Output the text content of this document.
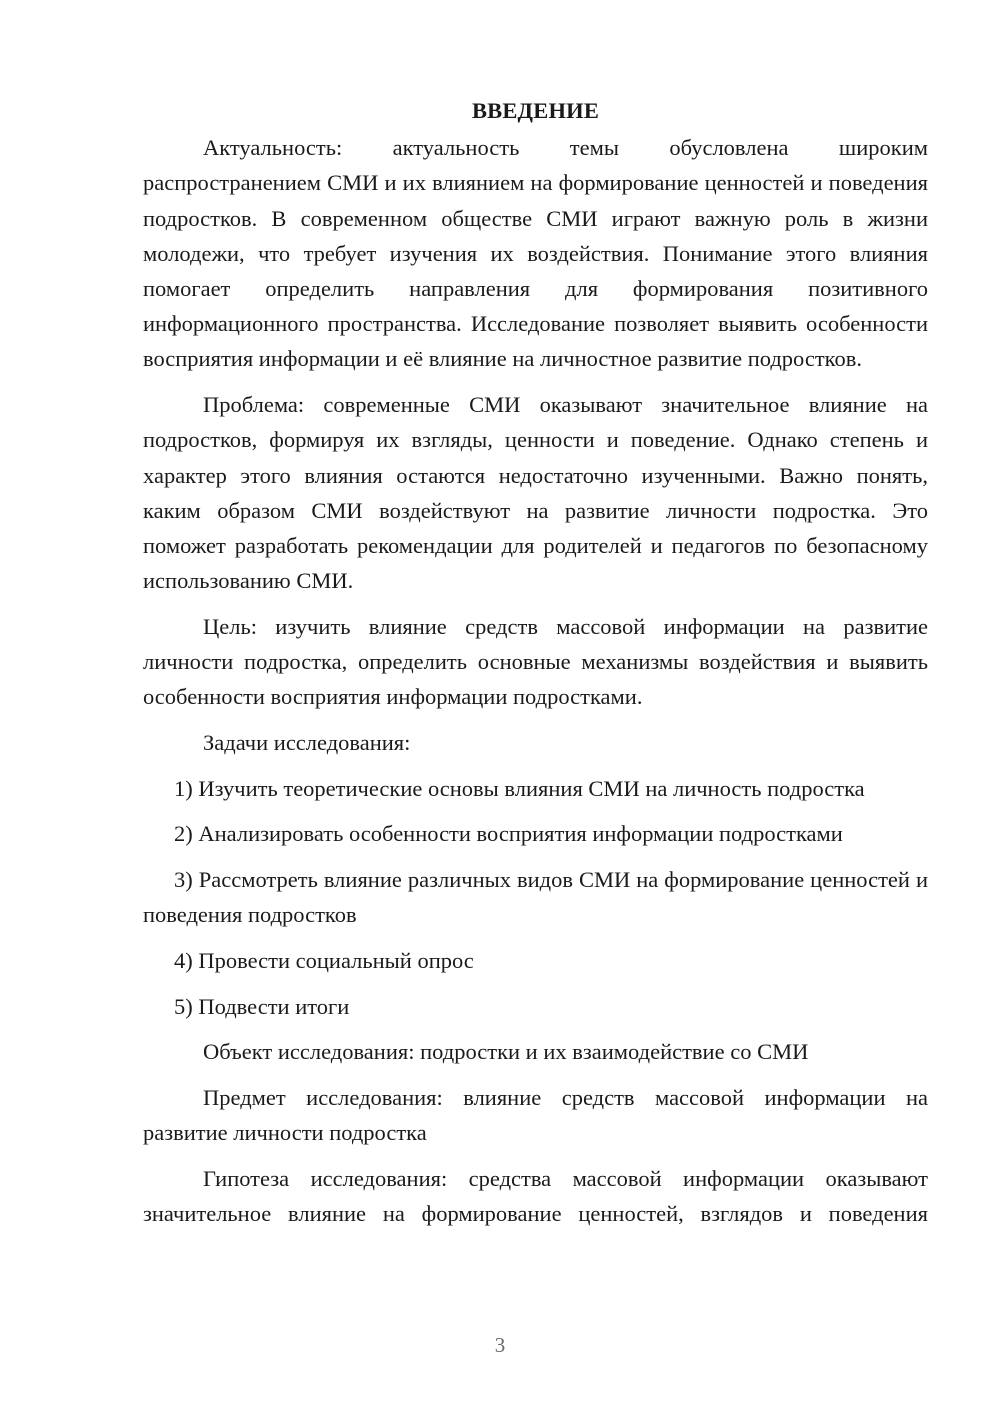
ВВЕДЕНИЕ

Актуальность: актуальность темы обусловлена широким распространением СМИ и их влиянием на формирование ценностей и поведения подростков. В современном обществе СМИ играют важную роль в жизни молодежи, что требует изучения их воздействия. Понимание этого влияния помогает определить направления для формирования позитивного информационного пространства. Исследование позволяет выявить особенности восприятия информации и её влияние на личностное развитие подростков.

Проблема: современные СМИ оказывают значительное влияние на подростков, формируя их взгляды, ценности и поведение. Однако степень и характер этого влияния остаются недостаточно изученными. Важно понять, каким образом СМИ воздействуют на развитие личности подростка. Это поможет разработать рекомендации для родителей и педагогов по безопасному использованию СМИ.

Цель: изучить влияние средств массовой информации на развитие личности подростка, определить основные механизмы воздействия и выявить особенности восприятия информации подростками.

Задачи исследования:

1) Изучить теоретические основы влияния СМИ на личность подростка

2) Анализировать особенности восприятия информации подростками

3) Рассмотреть влияние различных видов СМИ на формирование ценностей и поведения подростков

4) Провести социальный опрос

5) Подвести итоги

Объект исследования: подростки и их взаимодействие со СМИ

Предмет исследования: влияние средств массовой информации на развитие личности подростка

Гипотеза исследования: средства массовой информации оказывают значительное влияние на формирование ценностей, взглядов и поведения

3
